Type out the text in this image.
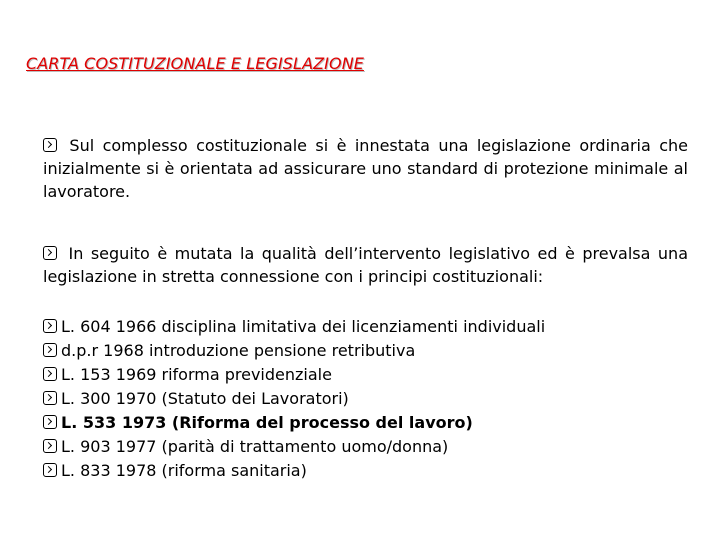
CARTA COSTITUZIONALE E LEGISLAZIONE
Sul complesso costituzionale si è innestata una legislazione ordinaria che inizialmente si è orientata ad assicurare uno standard di protezione minimale al lavoratore.
In seguito è mutata la qualità dell’intervento legislativo ed è prevalsa una legislazione in stretta connessione con i principi costituzionali:
L. 604 1966 disciplina limitativa dei licenziamenti individuali
d.p.r 1968 introduzione pensione retributiva
L. 153 1969 riforma previdenziale
L. 300 1970 (Statuto dei Lavoratori)
L. 533 1973 (Riforma del processo del lavoro)
L. 903 1977 (parità di trattamento uomo/donna)
L. 833 1978 (riforma sanitaria)
